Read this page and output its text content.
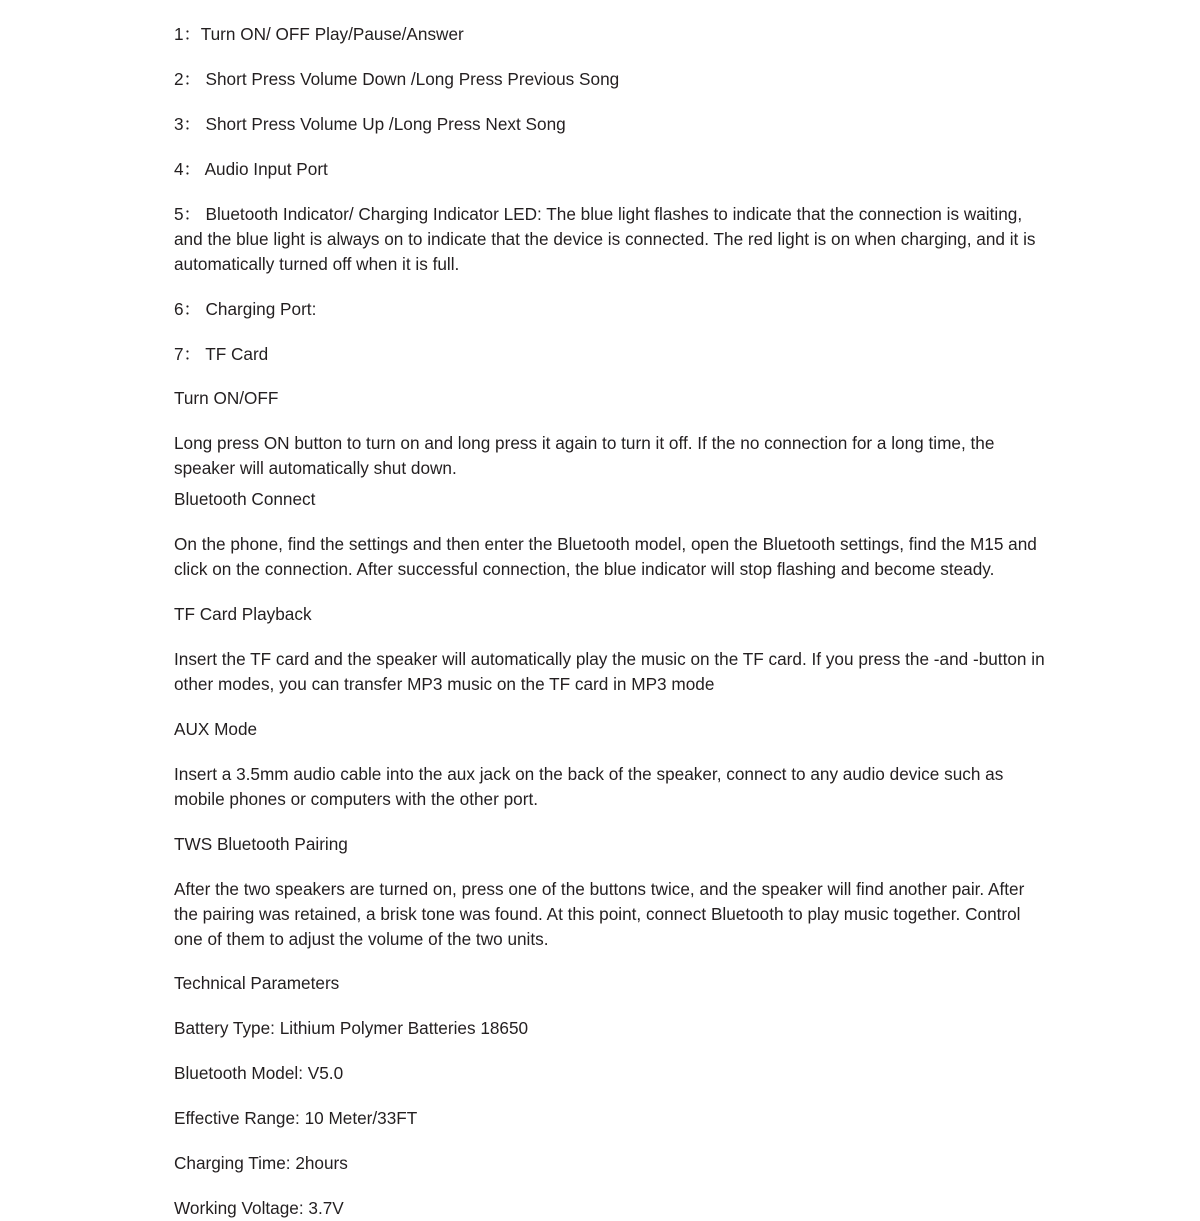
1：Turn ON/ OFF Play/Pause/Answer

2： Short Press Volume Down /Long Press Previous Song

3： Short Press Volume Up /Long Press Next Song

4： Audio Input Port

5： Bluetooth Indicator/ Charging Indicator LED: The blue light flashes to indicate that the connection is waiting, and the blue light is always on to indicate that the device is connected. The red light is on when charging, and it is automatically turned off when it is full.

6： Charging Port:

7： TF Card

Turn ON/OFF

Long press ON button to turn on and long press it again to turn it off. If the no connection for a long time, the speaker will automatically shut down.

Bluetooth Connect

On the phone, find the settings and then enter the Bluetooth model, open the Bluetooth settings, find the M15 and click on the connection. After successful connection, the blue indicator will stop flashing and become steady.

TF Card Playback

Insert the TF card and the speaker will automatically play the music on the TF card. If you press the -and -button in other modes, you can transfer MP3 music on the TF card in MP3 mode

AUX Mode

Insert a 3.5mm audio cable into the aux jack on the back of the speaker, connect to any audio device such as mobile phones or computers with the other port.

TWS Bluetooth Pairing

After the two speakers are turned on, press one of the buttons twice, and the speaker will find another pair. After the pairing was retained, a brisk tone was found. At this point, connect Bluetooth to play music together. Control one of them to adjust the volume of the two units.

Technical Parameters

Battery Type: Lithium Polymer Batteries 18650

Bluetooth Model: V5.0

Effective Range: 10 Meter/33FT

Charging Time: 2hours

Working Voltage: 3.7V
